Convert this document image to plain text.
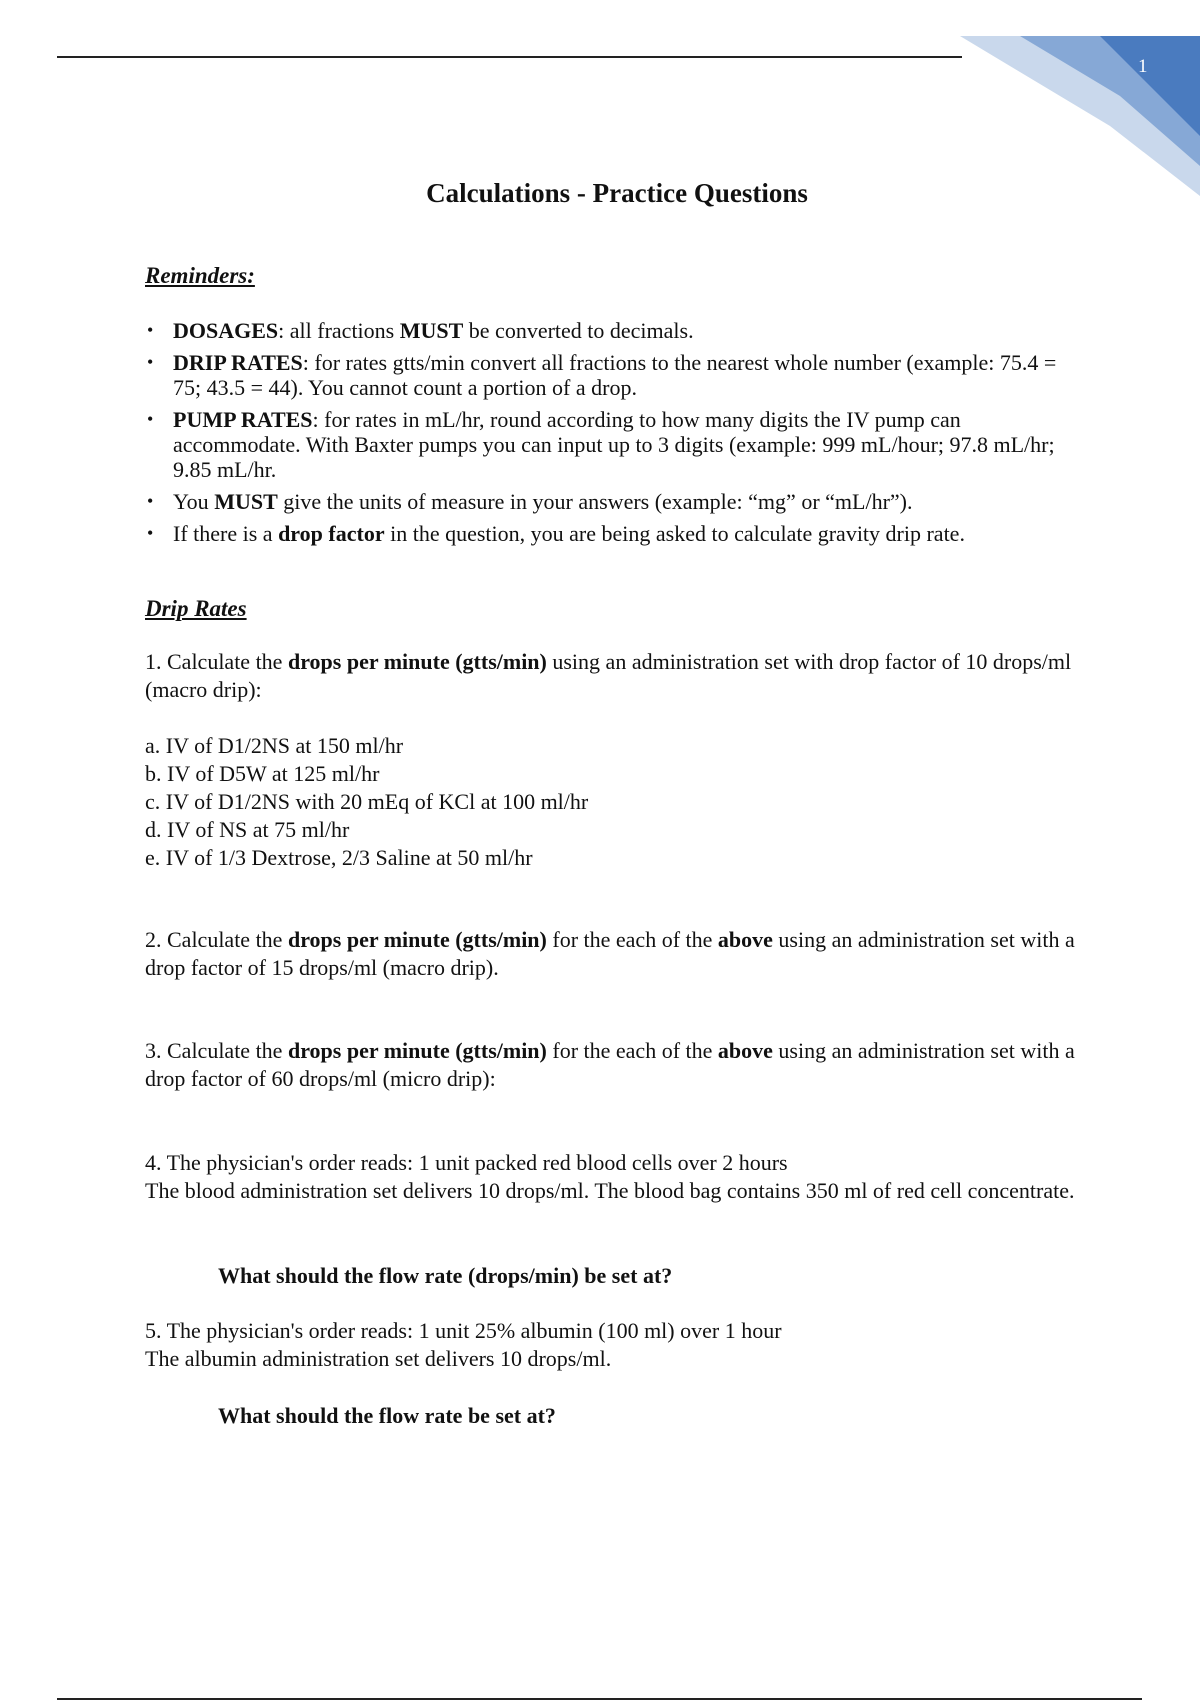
1
Calculations - Practice Questions
Reminders:
• DOSAGES: all fractions MUST be converted to decimals.
• DRIP RATES: for rates gtts/min convert all fractions to the nearest whole number (example: 75.4 = 75; 43.5 = 44). You cannot count a portion of a drop.
• PUMP RATES: for rates in mL/hr, round according to how many digits the IV pump can accommodate. With Baxter pumps you can input up to 3 digits (example: 999 mL/hour; 97.8 mL/hr; 9.85 mL/hr.
• You MUST give the units of measure in your answers (example: “mg” or “mL/hr”).
• If there is a drop factor in the question, you are being asked to calculate gravity drip rate.
Drip Rates

1. Calculate the drops per minute (gtts/min) using an administration set with drop factor of 10 drops/ml (macro drip):

a. IV of D1/2NS at 150 ml/hr

b. IV of D5W at 125 ml/hr

c. IV of D1/2NS with 20 mEq of KCl at 100 ml/hr

d. IV of NS at 75 ml/hr

e. IV of 1/3 Dextrose, 2/3 Saline at 50 ml/hr

2. Calculate the drops per minute (gtts/min) for the each of the above using an administration set with a drop factor of 15 drops/ml (macro drip).

3. Calculate the drops per minute (gtts/min) for the each of the above using an administration set with a drop factor of 60 drops/ml (micro drip):

4. The physician's order reads: 1 unit packed red blood cells over 2 hours

The blood administration set delivers 10 drops/ml. The blood bag contains 350 ml of red cell concentrate.

What should the flow rate (drops/min) be set at?

5. The physician's order reads: 1 unit 25% albumin (100 ml) over 1 hour

The albumin administration set delivers 10 drops/ml.

What should the flow rate be set at?
